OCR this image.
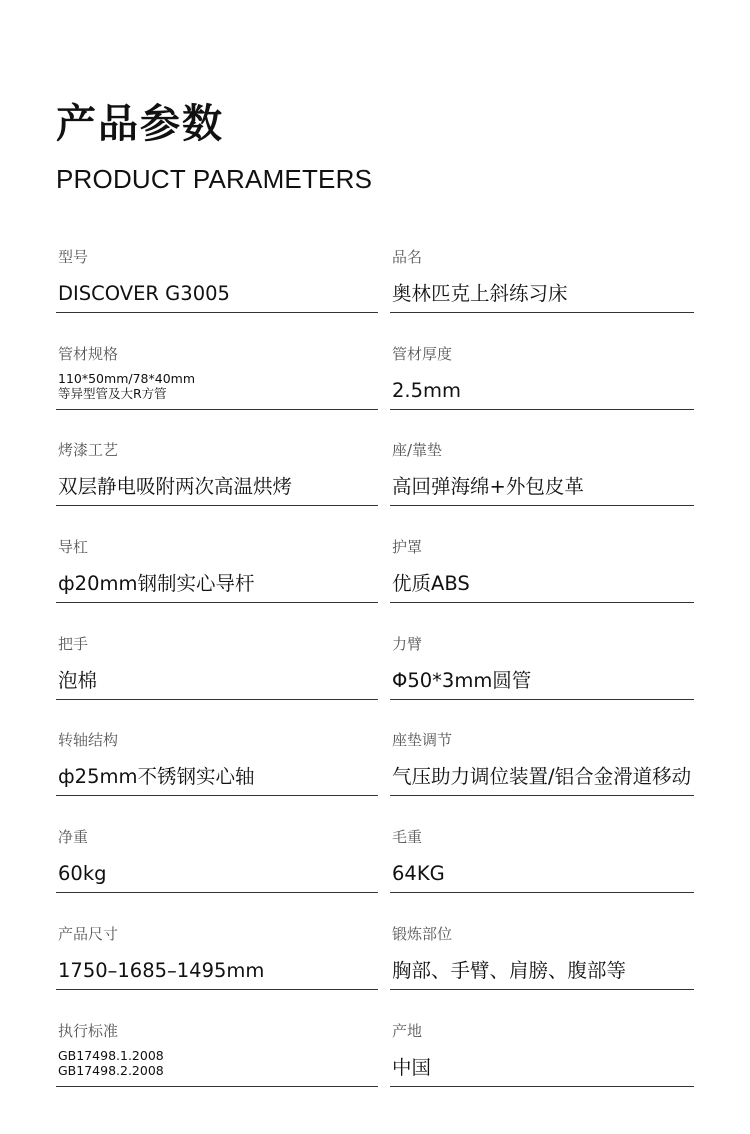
产品参数
PRODUCT PARAMETERS
型号
DISCOVER G3005
品名
奥林匹克上斜练习床
管材规格
110*50mm/78*40mm
等异型管及大R方管
管材厚度
2.5mm
烤漆工艺
双层静电吸附两次高温烘烤
座/靠垫
高回弹海绵+外包皮革
导杠
ф20mm钢制实心导杆
护罩
优质ABS
把手
泡棉
力臂
Φ50*3mm圆管
转轴结构
ф25mm不锈钢实心轴
座垫调节
气压助力调位装置/铝合金滑道移动
净重
60kg
毛重
64KG
产品尺寸
1750–1685–1495mm
锻炼部位
胸部、手臂、肩膀、腹部等
执行标准
GB17498.1.2008
GB17498.2.2008
产地
中国
